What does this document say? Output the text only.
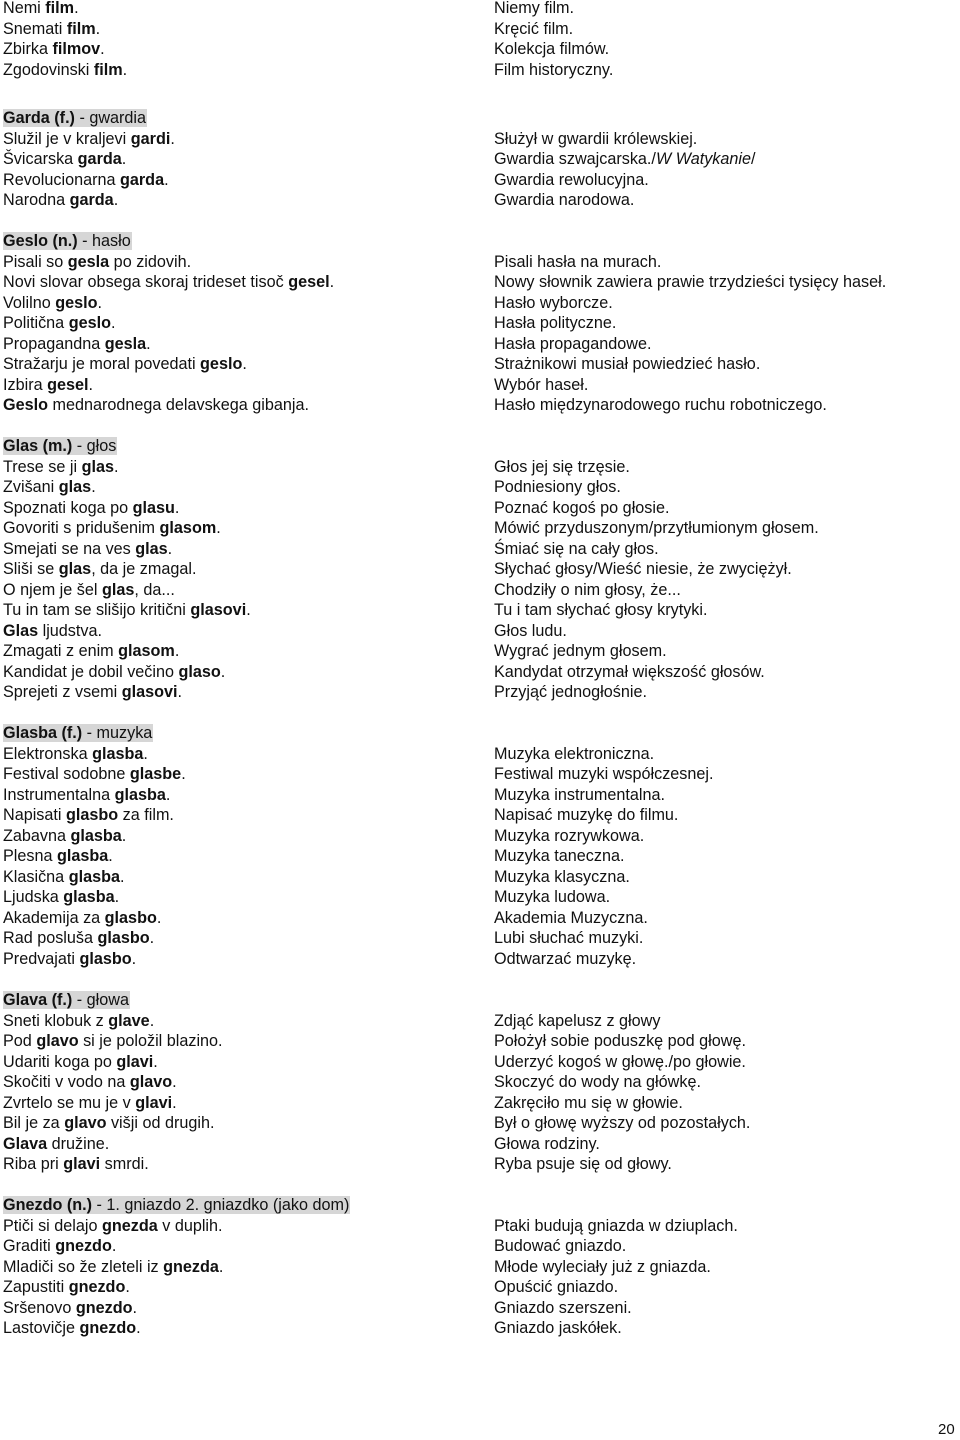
Nemi film.
Snemati film.
Zbirka filmov.
Zgodovinski film.
Garda (f.) - gwardia
Služil je v kraljevi gardi.
Švicarska garda.
Revolucionarna garda.
Narodna garda.
Geslo (n.) - hasło
Pisali so gesla po zidovih.
Novi slovar obsega skoraj trideset tisoč gesel.
Volilno geslo.
Politična geslo.
Propagandna gesla.
Stražarju je moral povedati geslo.
Izbira gesel.
Geslo mednarodnega delavskega gibanja.
Glas (m.) - głos
Trese se ji glas.
Zvišani glas.
Spoznati koga po glasu.
Govoriti s pridušenim glasom.
Smejati se na ves glas.
Sliši se glas, da je zmagal.
O njem je šel glas, da...
Tu in tam se slišijo kritični glasovi.
Glas ljudstva.
Zmagati z enim glasom.
Kandidat je dobil večino glaso.
Sprejeti z vsemi glasovi.
Glasba (f.) - muzyka
Elektronska glasba.
Festival sodobne glasbe.
Instrumentalna glasba.
Napisati glasbo za film.
Zabavna glasba.
Plesna glasba.
Klasična glasba.
Ljudska glasba.
Akademija za glasbo.
Rad posluša glasbo.
Predvajati glasbo.
Glava (f.) - głowa
Sneti klobuk z glave.
Pod glavo si je položil blazino.
Udariti koga po glavi.
Skočiti v vodo na glavo.
Zvrtelo se mu je v glavi.
Bil je za glavo višji od drugih.
Glava družine.
Riba pri glavi smrdi.
Gnezdo (n.) - 1. gniazdo 2. gniazdko (jako dom)
Ptiči si delajo gnezda v duplih.
Graditi gnezdo.
Mladiči so že zleteli iz gnezda.
Zapustiti gnezdo.
Sršenovo gnezdo.
Lastovičje gnezdo.
Niemy film.
Kręcić film.
Kolekcja filmów.
Film historyczny.
Służył w gwardii królewskiej.
Gwardia szwajcarska./W Watykanie/
Gwardia rewolucyjna.
Gwardia narodowa.
Pisali hasła na murach.
Nowy słownik zawiera prawie trzydzieści tysięcy haseł.
Hasło wyborcze.
Hasła polityczne.
Hasła propagandowe.
Strażnikowi musiał powiedzieć hasło.
Wybór haseł.
Hasło międzynarodowego ruchu robotniczego.
Głos jej się trzęsie.
Podniesiony głos.
Poznać kogoś po głosie.
Mówić przyduszonym/przytłumionym głosem.
Śmiać się na cały głos.
Słychać głosy/Wieść niesie, że zwyciężył.
Chodziły o nim głosy, że...
Tu i tam słychać głosy krytyki.
Głos ludu.
Wygrać jednym głosem.
Kandydat otrzymał większość głosów.
Przyjąć jednogłośnie.
Muzyka elektroniczna.
Festiwal muzyki współczesnej.
Muzyka instrumentalna.
Napisać muzykę do filmu.
Muzyka rozrywkowa.
Muzyka taneczna.
Muzyka klasyczna.
Muzyka ludowa.
Akademia Muzyczna.
Lubi słuchać muzyki.
Odtwarzać muzykę.
Zdjąć kapelusz z głowy
Położył sobie poduszkę pod głowę.
Uderzyć kogoś w głowę./po głowie.
Skoczyć do wody na główkę.
Zakręciło mu się w głowie.
Był o głowę wyższy od pozostałych.
Głowa rodziny.
Ryba psuje się od głowy.
Ptaki budują gniazda w dziuplach.
Budować gniazdo.
Młode wyleciały już z gniazda.
Opuścić gniazdo.
Gniazdo szerszeni.
Gniazdo jaskółek.
20
